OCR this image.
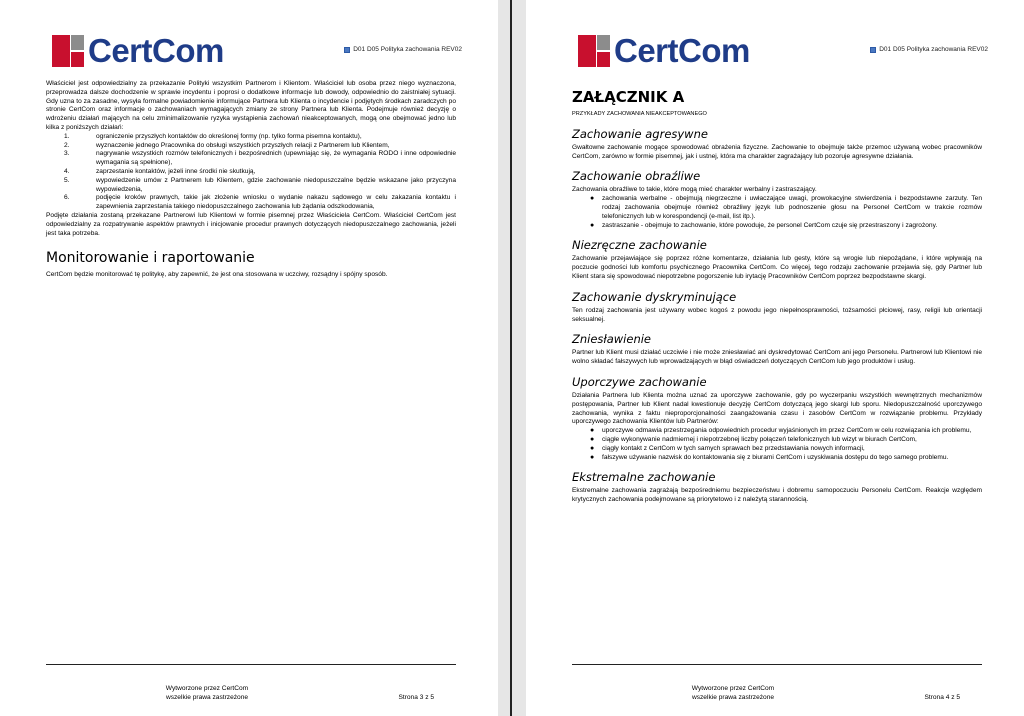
CertCom	D01 D05 Polityka zachowania REV02

Właściciel jest odpowiedzialny za przekazanie Polityki wszystkim Partnerom i Klientom. Właściciel lub osoba przez niego wyznaczona, przeprowadza dalsze dochodzenie w sprawie incydentu i poprosi o dodatkowe informacje lub dowody, odpowiednio do zaistniałej sytuacji. Gdy uzna to za zasadne, wysyła formalne powiadomienie informujące Partnera lub Klienta o incydencie i podjętych środkach zaradczych po stronie CertCom oraz informacje o zachowaniach wymagających zmiany ze strony Partnera lub Klienta. Podejmuje również decyzję o wdrożeniu działań mających na celu zminimalizowanie ryzyka wystąpienia zachowań nieakceptowanych, mogą one obejmować jedno lub kilka z poniższych działań:

1.	ograniczenie przyszłych kontaktów do określonej formy (np. tylko forma pisemna kontaktu),
2.	wyznaczenie jednego Pracownika do obsługi wszystkich przyszłych relacji z Partnerem lub Klientem,
3.	nagrywanie wszystkich rozmów telefonicznych i bezpośrednich (upewniając się, że wymagania RODO i inne odpowiednie wymagania są spełnione),
4.	zaprzestanie kontaktów, jeżeli inne środki nie skutkują,
5.	wypowiedzenie umów z Partnerem lub Klientem, gdzie zachowanie niedopuszczalne będzie wskazane jako przyczyna wypowiedzenia,
6.	podjęcie kroków prawnych, takie jak złożenie wniosku o wydanie nakazu sądowego w celu zakazania kontaktu i zapewnienia zaprzestania takiego niedopuszczalnego zachowania lub żądania odszkodowania,

Podjęte działania zostaną przekazane Partnerowi lub Klientowi w formie pisemnej przez Właściciela CertCom. Właściciel CertCom jest odpowiedzialny za rozpatrywanie aspektów prawnych i inicjowanie procedur prawnych dotyczących niedopuszczalnego zachowania, jeżeli jest taka potrzeba.

Monitorowanie i raportowanie

CertCom będzie monitorować tę politykę, aby zapewnić, że jest ona stosowana w uczciwy, rozsądny i spójny sposób.

Wytworzone przez CertCom
wszelkie prawa zastrzeżone	Strona 3 z 5
CertCom	D01 D05 Polityka zachowania REV02
ZAŁĄCZNIK A
PRZYKŁADY ZACHOWANIA NIEAKCEPTOWANEGO
Zachowanie agresywne

Gwałtowne zachowanie mogące spowodować obrażenia fizyczne. Zachowanie to obejmuje także przemoc używaną wobec pracowników CertCom, zarówno w formie pisemnej, jak i ustnej, która ma charakter zagrażający lub pozoruje agresywne działania.

Zachowanie obraźliwe

Zachowania obraźliwe to takie, które mogą mieć charakter werbalny i zastraszający.

● zachowania werbalne - obejmują niegrzeczne i uwłaczające uwagi, prowokacyjne stwierdzenia i bezpodstawne zarzuty. Ten rodzaj zachowania obejmuje również obraźliwy język lub podnoszenie głosu na Personel CertCom w trakcie rozmów telefonicznych lub w korespondencji (e-mail, list itp.).
● zastraszanie - obejmuje to zachowanie, które powoduje, że personel CertCom czuje się przestraszony i zagrożony.
Niezręczne zachowanie

Zachowanie przejawiające się poprzez różne komentarze, działania lub gesty, które są wrogie lub niepożądane, i które wpływają na poczucie godności lub komfortu psychicznego Pracownika CertCom. Co więcej, tego rodzaju zachowanie przejawia się, gdy Partner lub Klient stara się spowodować niepotrzebne pogorszenie lub irytację Pracowników CertCom poprzez bezpodstawne skargi.

Zachowanie dyskryminujące

Ten rodzaj zachowania jest używany wobec kogoś z powodu jego niepełnosprawności, tożsamości płciowej, rasy, religii lub orientacji seksualnej.

Zniesławienie

Partner lub Klient musi działać uczciwie i nie może zniesławiać ani dyskredytować CertCom ani jego Personelu. Partnerowi lub Klientowi nie wolno składać fałszywych lub wprowadzających w błąd oświadczeń dotyczących CertCom lub jego produktów i usług.

Uporczywe zachowanie

Działania Partnera lub Klienta można uznać za uporczywe zachowanie, gdy po wyczerpaniu wszystkich wewnętrznych mechanizmów postępowania, Partner lub Klient nadal kwestionuje decyzję CertCom dotyczącą jego skargi lub sporu. Niedopuszczalność uporczywego zachowania, wynika z faktu nieproporcjonalności zaangażowania czasu i zasobów CertCom w rozwiązanie problemu. Przykłady uporczywego zachowania Klientów lub Partnerów:

● uporczywe odmawia przestrzegania odpowiednich procedur wyjaśnionych im przez CertCom w celu rozwiązania ich problemu,
● ciągłe wykonywanie nadmiernej i niepotrzebnej liczby połączeń telefonicznych lub wizyt w biurach CertCom,
● ciągły kontakt z CertCom w tych samych sprawach bez przedstawiania nowych informacji,
● fałszywe używanie nazwisk do kontaktowania się z biurami CertCom i uzyskiwania dostępu do tego samego problemu.
Ekstremalne zachowanie

Ekstremalne zachowania zagrażają bezpośredniemu bezpieczeństwu i dobremu samopoczuciu Personelu CertCom. Reakcje względem krytycznych zachowania podejmowane są priorytetowo i z należytą starannością.

Wytworzone przez CertCom
wszelkie prawa zastrzeżone	Strona 4 z 5
